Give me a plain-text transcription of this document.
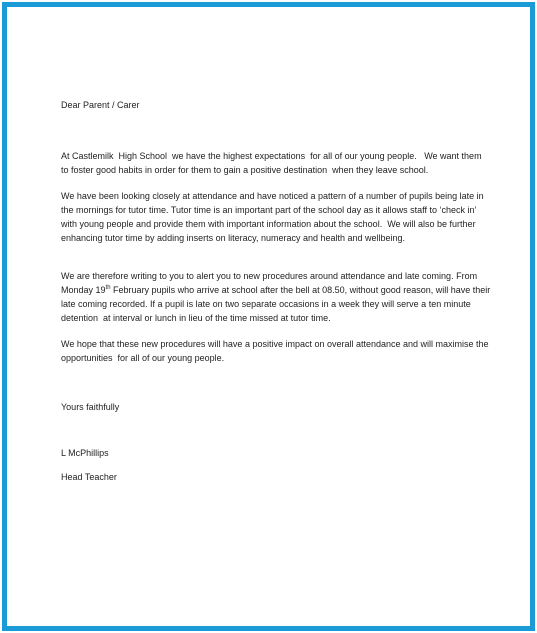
Dear Parent / Carer

At Castlemilk  High School  we have the highest expectations  for all of our young people.   We want them to foster good habits in order for them to gain a positive destination  when they leave school.

We have been looking closely at attendance and have noticed a pattern of a number of pupils being late in the mornings for tutor time. Tutor time is an important part of the school day as it allows staff to ‘check in’ with young people and provide them with important information about the school.  We will also be further enhancing tutor time by adding inserts on literacy, numeracy and health and wellbeing.

We are therefore writing to you to alert you to new procedures around attendance and late coming. From Monday 19th February pupils who arrive at school after the bell at 08.50, without good reason, will have their late coming recorded. If a pupil is late on two separate occasions in a week they will serve a ten minute detention  at interval or lunch in lieu of the time missed at tutor time.

We hope that these new procedures will have a positive impact on overall attendance and will maximise the opportunities  for all of our young people.

Yours faithfully

L McPhillips

Head Teacher
